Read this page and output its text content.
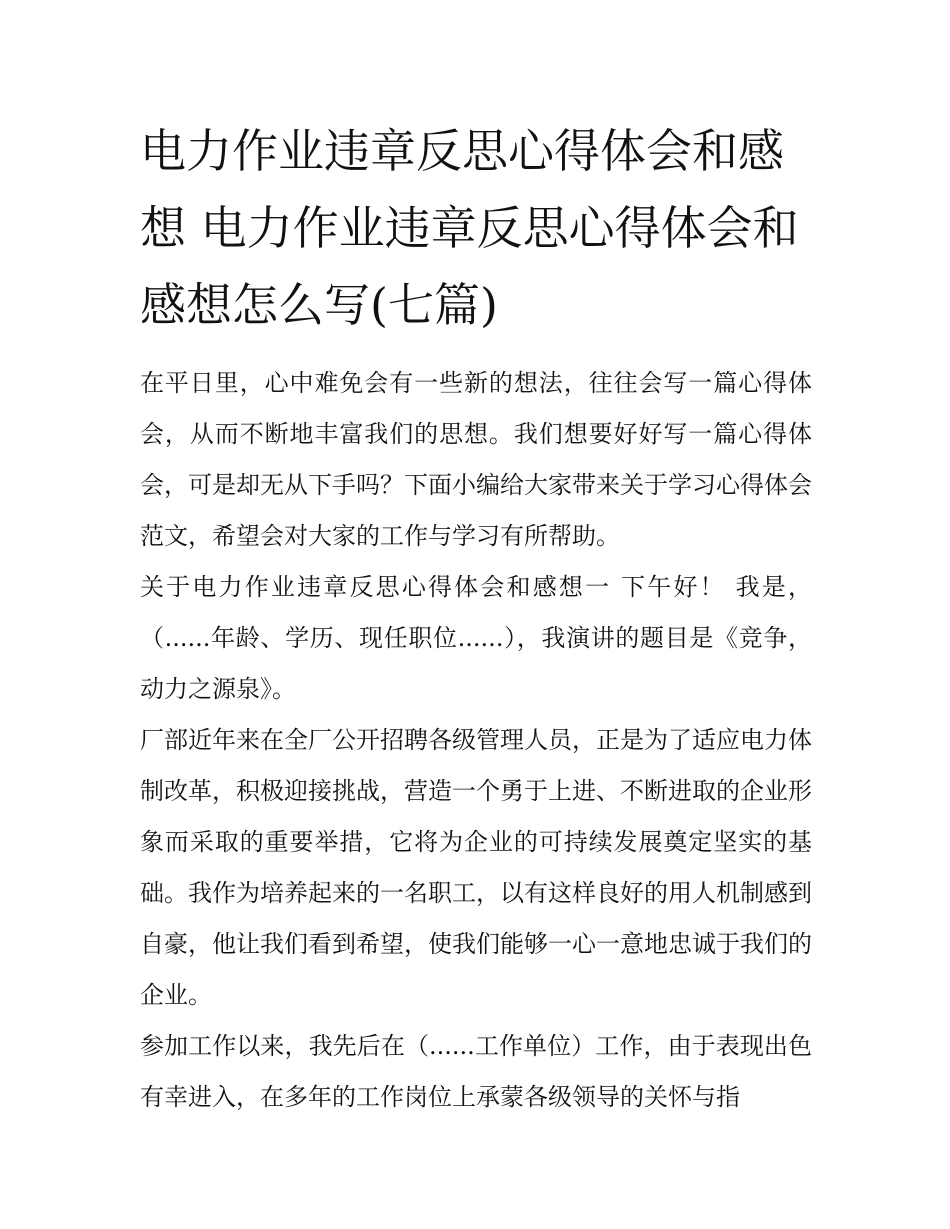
电力作业违章反思心得体会和感想 电力作业违章反思心得体会和感想怎么写(七篇)

在平日里，心中难免会有一些新的想法，往往会写一篇心得体会，从而不断地丰富我们的思想。我们想要好好写一篇心得体会，可是却无从下手吗？下面小编给大家带来关于学习心得体会范文，希望会对大家的工作与学习有所帮助。

关于电力作业违章反思心得体会和感想一 下午好！ 我是，（......年龄、学历、现任职位......），我演讲的题目是《竞争，动力之源泉》。

厂部近年来在全厂公开招聘各级管理人员，正是为了适应电力体制改革，积极迎接挑战，营造一个勇于上进、不断进取的企业形象而采取的重要举措，它将为企业的可持续发展奠定坚实的基础。我作为培养起来的一名职工，以有这样良好的用人机制感到自豪，他让我们看到希望，使我们能够一心一意地忠诚于我们的企业。

参加工作以来，我先后在（......工作单位）工作，由于表现出色有幸进入，在多年的工作岗位上承蒙各级领导的关怀与指
